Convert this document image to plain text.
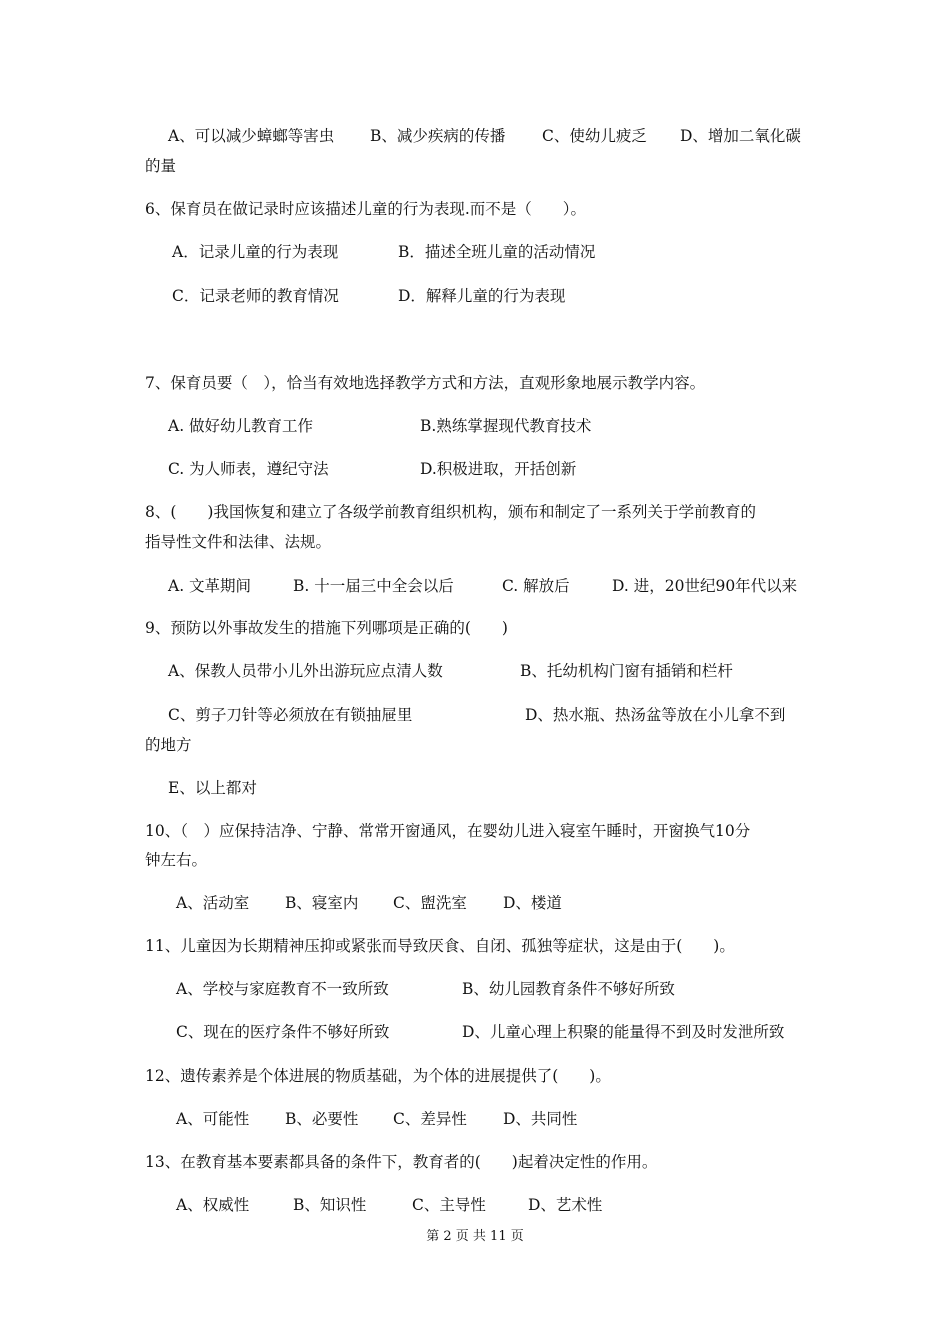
A、可以减少蟑螂等害虫 B、减少疾病的传播 C、使幼儿疲乏 D、增加二氧化碳
的量
6、保育员在做记录时应该描述儿童的行为表现.而不是（　　）。
A．记录儿童的行为表现	B．描述全班儿童的活动情况
C．记录老师的教育情况	D．解释儿童的行为表现
7、保育员要（　），恰当有效地选择教学方式和方法，直观形象地展示教学内容。
A. 做好幼儿教育工作	B.熟练掌握现代教育技术
C. 为人师表，遵纪守法	D.积极进取，开括创新
8、(　　)我国恢复和建立了各级学前教育组织机构，颁布和制定了一系列关于学前教育的
指导性文件和法律、法规。
A. 文革期间	B. 十一届三中全会以后	C. 解放后	D. 进，20世纪90年代以来
9、预防以外事故发生的措施下列哪项是正确的(　　)
A、保教人员带小儿外出游玩应点清人数	B、托幼机构门窗有插销和栏杆
C、剪子刀针等必须放在有锁抽屉里	D、热水瓶、热汤盆等放在小儿拿不到
的地方
E、以上都对
10、（　）应保持洁净、宁静、常常开窗通风，在婴幼儿进入寝室午睡时，开窗换气10分
钟左右。
A、活动室 B、寝室内 C、盥洗室 D、楼道
11、儿童因为长期精神压抑或紧张而导致厌食、自闭、孤独等症状，这是由于(　　)。
A、学校与家庭教育不一致所致	B、幼儿园教育条件不够好所致
C、现在的医疗条件不够好所致	D、儿童心理上积聚的能量得不到及时发泄所致
12、遗传素养是个体进展的物质基础，为个体的进展提供了(　　)。
A、可能性 B、必要性 C、差异性 D、共同性
13、在教育基本要素都具备的条件下，教育者的(　　)起着决定性的作用。
A、权威性	B、知识性	C、主导性	D、艺术性
第 2 页 共 11 页
